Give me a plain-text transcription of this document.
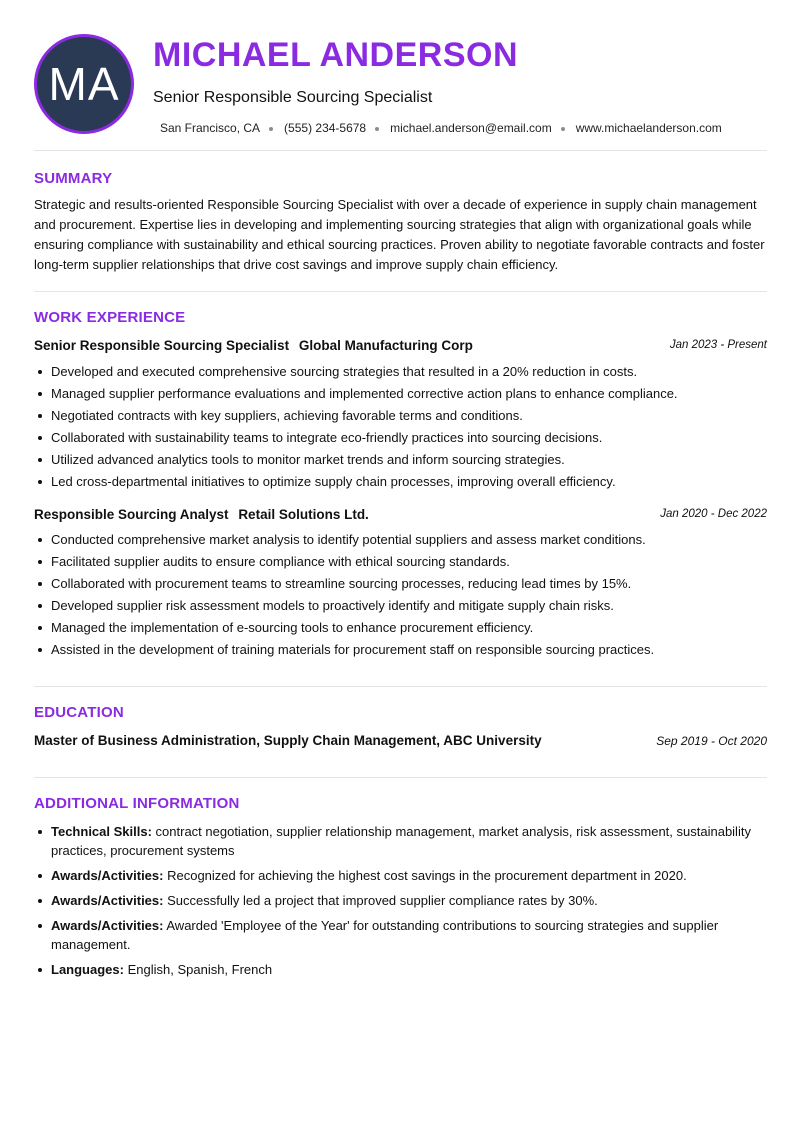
MA
MICHAEL ANDERSON

Senior Responsible Sourcing Specialist

San Francisco, CA (555) 234-5678 michael.anderson@email.com www.michaelanderson.com
SUMMARY

Strategic and results-oriented Responsible Sourcing Specialist with over a decade of experience in supply chain management and procurement. Expertise lies in developing and implementing sourcing strategies that align with organizational goals while ensuring compliance with sustainability and ethical sourcing practices. Proven ability to negotiate favorable contracts and foster long-term supplier relationships that drive cost savings and improve supply chain efficiency.

WORK EXPERIENCE
Senior Responsible Sourcing Specialist Global Manufacturing Corp	Jan 2023 - Present
Developed and executed comprehensive sourcing strategies that resulted in a 20% reduction in costs.
Managed supplier performance evaluations and implemented corrective action plans to enhance compliance.
Negotiated contracts with key suppliers, achieving favorable terms and conditions.
Collaborated with sustainability teams to integrate eco-friendly practices into sourcing decisions.
Utilized advanced analytics tools to monitor market trends and inform sourcing strategies.
Led cross-departmental initiatives to optimize supply chain processes, improving overall efficiency.
Responsible Sourcing Analyst Retail Solutions Ltd.	Jan 2020 - Dec 2022
Conducted comprehensive market analysis to identify potential suppliers and assess market conditions.
Facilitated supplier audits to ensure compliance with ethical sourcing standards.
Collaborated with procurement teams to streamline sourcing processes, reducing lead times by 15%.
Developed supplier risk assessment models to proactively identify and mitigate supply chain risks.
Managed the implementation of e-sourcing tools to enhance procurement efficiency.
Assisted in the development of training materials for procurement staff on responsible sourcing practices.
EDUCATION
Master of Business Administration, Supply Chain Management, ABC University	Sep 2019 - Oct 2020
ADDITIONAL INFORMATION
Technical Skills: contract negotiation, supplier relationship management, market analysis, risk assessment, sustainability practices, procurement systems
Awards/Activities: Recognized for achieving the highest cost savings in the procurement department in 2020.
Awards/Activities: Successfully led a project that improved supplier compliance rates by 30%.
Awards/Activities: Awarded 'Employee of the Year' for outstanding contributions to sourcing strategies and supplier management.
Languages: English, Spanish, French
